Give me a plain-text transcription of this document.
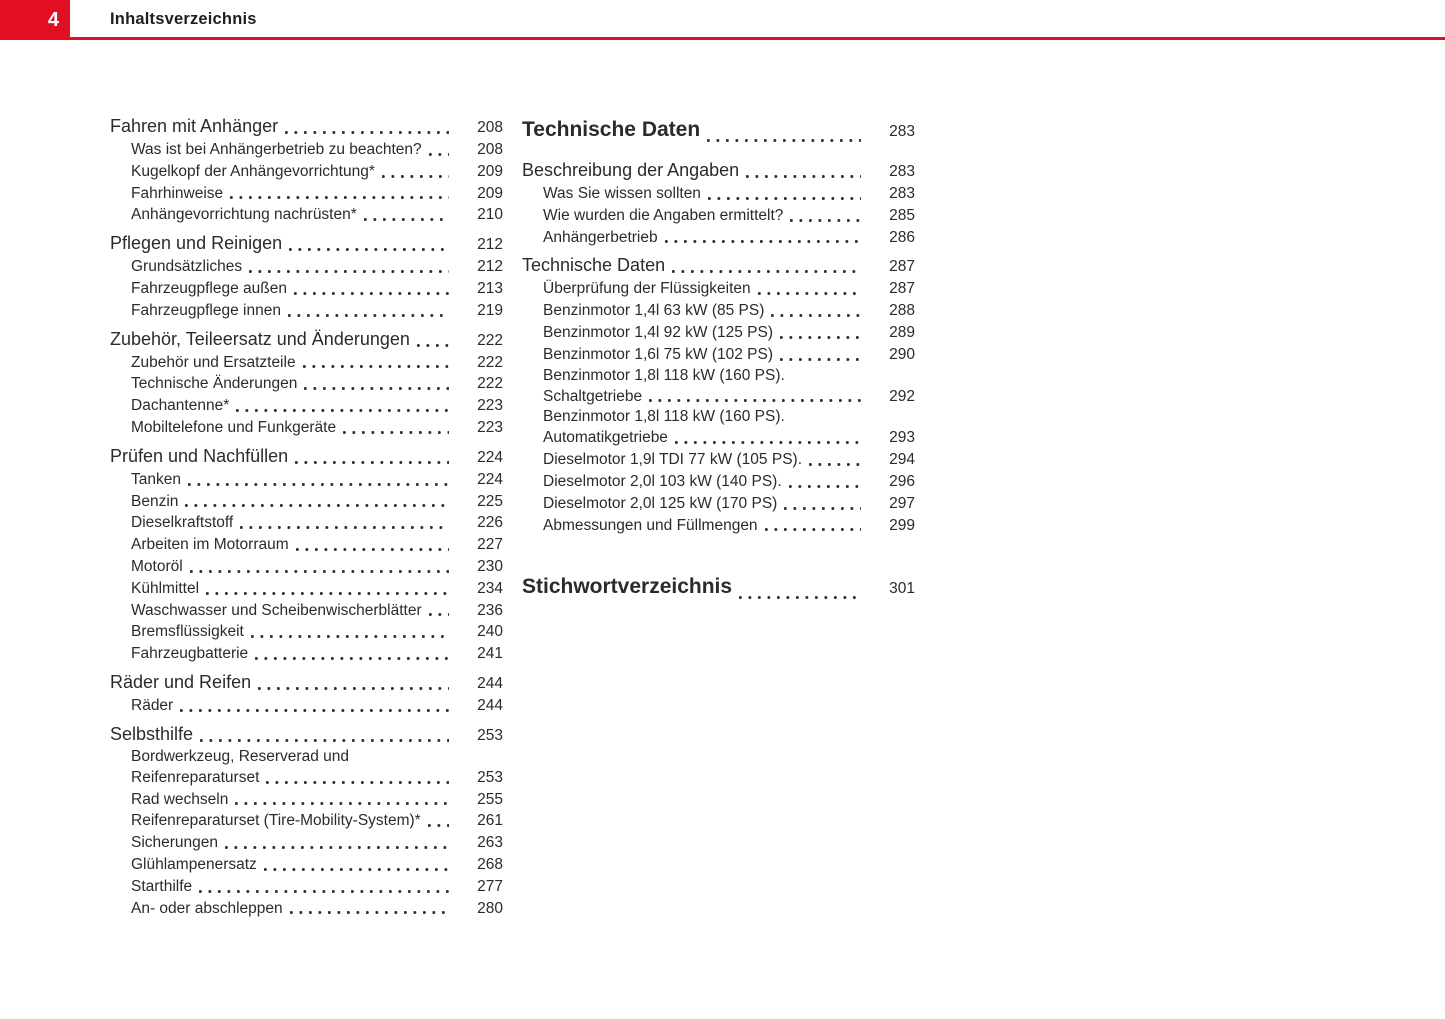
4	Inhaltsverzeichnis
Fahren mit Anhänger	208
Was ist bei Anhängerbetrieb zu beachten?	208
Kugelkopf der Anhängevorrichtung*	209
Fahrhinweise	209
Anhängevorrichtung nachrüsten*	210
Pflegen und Reinigen	212
Grundsätzliches	212
Fahrzeugpflege außen	213
Fahrzeugpflege innen	219
Zubehör, Teileersatz und Änderungen	222
Zubehör und Ersatzteile	222
Technische Änderungen	222
Dachantenne*	223
Mobiltelefone und Funkgeräte	223
Prüfen und Nachfüllen	224
Tanken	224
Benzin	225
Dieselkraftstoff	226
Arbeiten im Motorraum	227
Motoröl	230
Kühlmittel	234
Waschwasser und Scheibenwischerblätter	236
Bremsflüssigkeit	240
Fahrzeugbatterie	241
Räder und Reifen	244
Räder	244
Selbsthilfe	253
Bordwerkzeug, Reserverad und
Reifenreparaturset	253
Rad wechseln	255
Reifenreparaturset (Tire-Mobility-System)*	261
Sicherungen	263
Glühlampenersatz	268
Starthilfe	277
An- oder abschleppen	280
Technische Daten	283
Beschreibung der Angaben	283
Was Sie wissen sollten	283
Wie wurden die Angaben ermittelt?	285
Anhängerbetrieb	286
Technische Daten	287
Überprüfung der Flüssigkeiten	287
Benzinmotor 1,4l 63 kW (85 PS)	288
Benzinmotor 1,4l 92 kW (125 PS)	289
Benzinmotor 1,6l 75 kW (102 PS)	290
Benzinmotor 1,8l 118 kW (160 PS).
Schaltgetriebe	292
Benzinmotor 1,8l 118 kW (160 PS).
Automatikgetriebe	293
Dieselmotor 1,9l TDI 77 kW (105 PS).	294
Dieselmotor 2,0l 103 kW (140 PS).	296
Dieselmotor 2,0l 125 kW (170 PS)	297
Abmessungen und Füllmengen	299
Stichwortverzeichnis	301
